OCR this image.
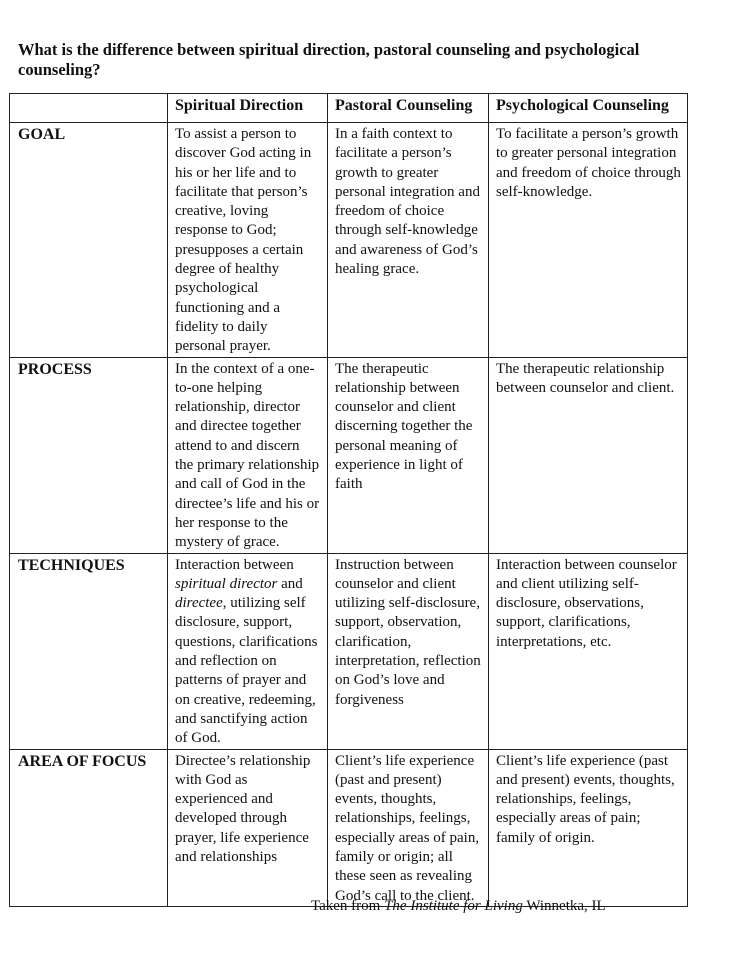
What is the difference between spiritual direction, pastoral counseling and psychological counseling?
	Spiritual Direction	Pastoral Counseling	Psychological Counseling
GOAL	To assist a person to discover God acting in his or her life and to facilitate that person’s creative, loving response to God; presupposes a certain degree of healthy psychological functioning and a fidelity to daily personal prayer.	In a faith context to facilitate a person’s growth to greater personal integration and freedom of choice through self-knowledge and awareness of God’s healing grace.	To facilitate a person’s growth to greater personal integration and freedom of choice through self-knowledge.
PROCESS	In the context of a one-to-one helping relationship, director and directee together attend to and discern the primary relationship and call of God in the directee’s life and his or her response to the mystery of grace.	The therapeutic relationship between counselor and client discerning together the personal meaning of experience in light of faith	The therapeutic relationship between counselor and client.
TECHNIQUES	Interaction between spiritual director and directee, utilizing self disclosure, support, questions, clarifications and reflection on patterns of prayer and on creative, redeeming, and sanctifying action of God.	Instruction between counselor and client utilizing self-disclosure, support, observation, clarification, interpretation, reflection on God’s love and forgiveness	Interaction between counselor and client utilizing self-disclosure, observations, support, clarifications, interpretations, etc.
AREA OF FOCUS	Directee’s relationship with God as experienced and developed through prayer, life experience and relationships	Client’s life experience (past and present) events, thoughts, relationships, feelings, especially areas of pain, family or origin; all these seen as revealing God’s call to the client.	Client’s life experience (past and present) events, thoughts, relationships, feelings, especially areas of pain; family of origin.
Taken from The Institute for Living Winnetka, IL
